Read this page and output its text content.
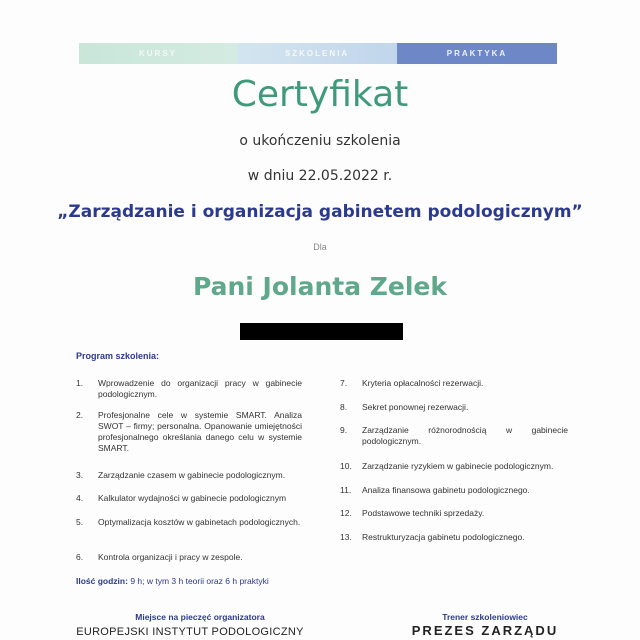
KURSY	SZKOLENIA	PRAKTYKA
Certyfikat
o ukończeniu szkolenia
w dniu 22.05.2022 r.
„Zarządzanie i organizacja gabinetem podologicznym”
Dla
Pani Jolanta Zelek
Program szkolenia:
1.	Wprowadzenie do organizacji pracy w gabinecie podologicznym.
2.	Profesjonalne cele w systemie SMART. Analiza SWOT – firmy; personalna. Opanowanie umiejętności profesjonalnego określania danego celu w systemie SMART.
3.	Zarządzanie czasem w gabinecie podologicznym.
4.	Kalkulator wydajności w gabinecie podologicznym
5.	Optymalizacja kosztów w gabinetach podologicznych.
6.	Kontrola organizacji i pracy w zespole.
7.	Kryteria opłacalności rezerwacji.
8.	Sekret ponownej rezerwacji.
9.	Zarządzanie różnorodnością w gabinecie podologicznym.
10.	Zarządzanie ryzykiem w gabinecie podologicznym.
11.	Analiza finansowa gabinetu podologicznego.
12.	Podstawowe techniki sprzedaży.
13.	Restrukturyzacja gabinetu podologicznego.
Ilość godzin: 9 h; w tym 3 h teorii oraz 6 h praktyki
Miejsce na pieczęć organizatora
EUROPEJSKI INSTYTUT PODOLOGICZNY
Trener szkoleniowiec
PREZES ZARZĄDU
